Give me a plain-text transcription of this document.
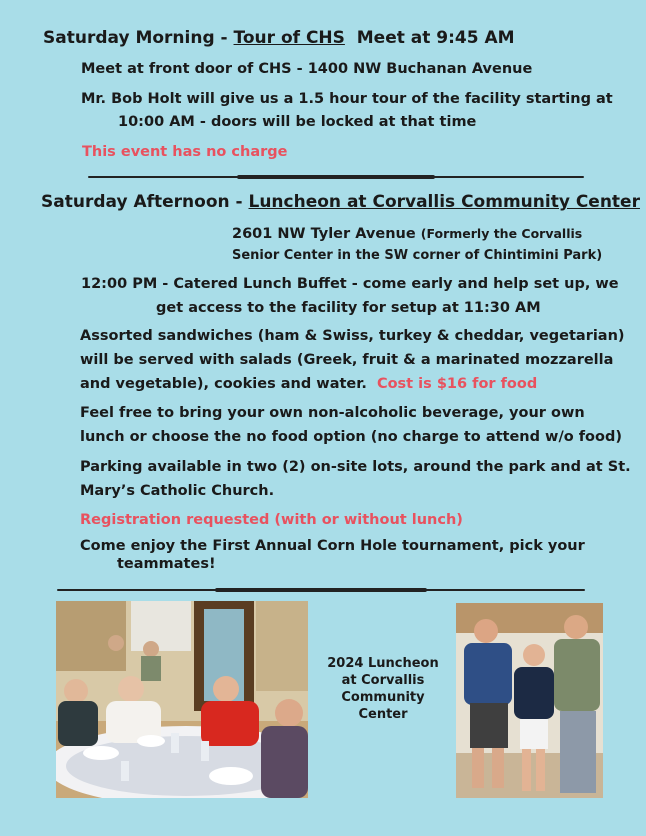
Saturday Morning - Tour of CHS Meet at 9:45 AM
Meet at front door of CHS - 1400 NW Buchanan Avenue
Mr. Bob Holt will give us a 1.5 hour tour of the facility starting at
10:00 AM - doors will be locked at that time
This event has no charge
Saturday Afternoon - Luncheon at Corvallis Community Center
2601 NW Tyler Avenue (Formerly the Corvallis
Senior Center in the SW corner of Chintimini Park)
12:00 PM - Catered Lunch Buffet - come early and help set up, we
get access to the facility for setup at 11:30 AM
Assorted sandwiches (ham & Swiss, turkey & cheddar, vegetarian)
will be served with salads (Greek, fruit & a marinated mozzarella
and vegetable), cookies and water. Cost is $16 for food
Feel free to bring your own non-alcoholic beverage, your own
lunch or choose the no food option (no charge to attend w/o food)
Parking available in two (2) on-site lots, around the park and at St.
Mary’s Catholic Church.
Registration requested (with or without lunch)
Come enjoy the First Annual Corn Hole tournament, pick your
teammates!
2024 Luncheon
at Corvallis
Community
Center
